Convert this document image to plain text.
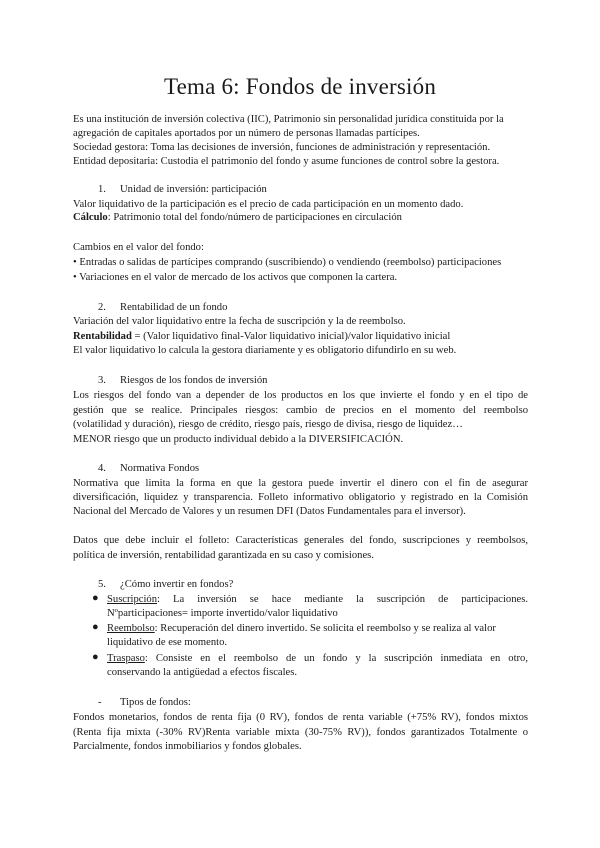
Tema 6: Fondos de inversión
Es una institución de inversión colectiva (IIC), Patrimonio sin personalidad jurídica constituida por la
agregación de capitales aportados por un número de personas llamadas partícipes.
Sociedad gestora: Toma las decisiones de inversión, funciones de administración y representación.
Entidad depositaria: Custodia el patrimonio del fondo y asume funciones de control sobre la gestora.
1. Unidad de inversión: participación
Valor liquidativo de la participación es el precio de cada participación en un momento dado.
Cálculo: Patrimonio total del fondo/número de participaciones en circulación
Cambios en el valor del fondo:
• Entradas o salidas de partícipes comprando (suscribiendo) o vendiendo (reembolso) participaciones
• Variaciones en el valor de mercado de los activos que componen la cartera.
2. Rentabilidad de un fondo
Variación del valor liquidativo entre la fecha de suscripción y la de reembolso.
Rentabilidad = (Valor liquidativo final-Valor liquidativo inicial)/valor liquidativo inicial
El valor liquidativo lo calcula la gestora diariamente y es obligatorio difundirlo en su web.
3. Riesgos de los fondos de inversión
Los riesgos del fondo van a depender de los productos en los que invierte el fondo y en el tipo de
gestión que se realice. Principales riesgos: cambio de precios en el momento del reembolso
(volatilidad y duración), riesgo de crédito, riesgo país, riesgo de divisa, riesgo de liquidez…
MENOR riesgo que un producto individual debido a la DIVERSIFICACIÓN.
4. Normativa Fondos
Normativa que limita la forma en que la gestora puede invertir el dinero con el fin de asegurar
diversificación, liquidez y transparencia. Folleto informativo obligatorio y registrado en la Comisión
Nacional del Mercado de Valores y un resumen DFI (Datos Fundamentales para el inversor).
Datos que debe incluir el folleto: Características generales del fondo, suscripciones y reembolsos,
política de inversión, rentabilidad garantizada en su caso y comisiones.
5. ¿Cómo invertir en fondos?
● Suscripción: La inversión se hace mediante la suscripción de participaciones.
Nºparticipaciones= importe invertido/valor liquidativo
● Reembolso: Recuperación del dinero invertido. Se solicita el reembolso y se realiza al valor
liquidativo de ese momento.
● Traspaso: Consiste en el reembolso de un fondo y la suscripción inmediata en otro,
conservando la antigüedad a efectos fiscales.
- Tipos de fondos:
Fondos monetarios, fondos de renta fija (0 RV), fondos de renta variable (+75% RV), fondos mixtos
(Renta fija mixta (-30% RV)Renta variable mixta (30-75% RV)), fondos garantizados Totalmente o
Parcialmente, fondos inmobiliarios y fondos globales.
